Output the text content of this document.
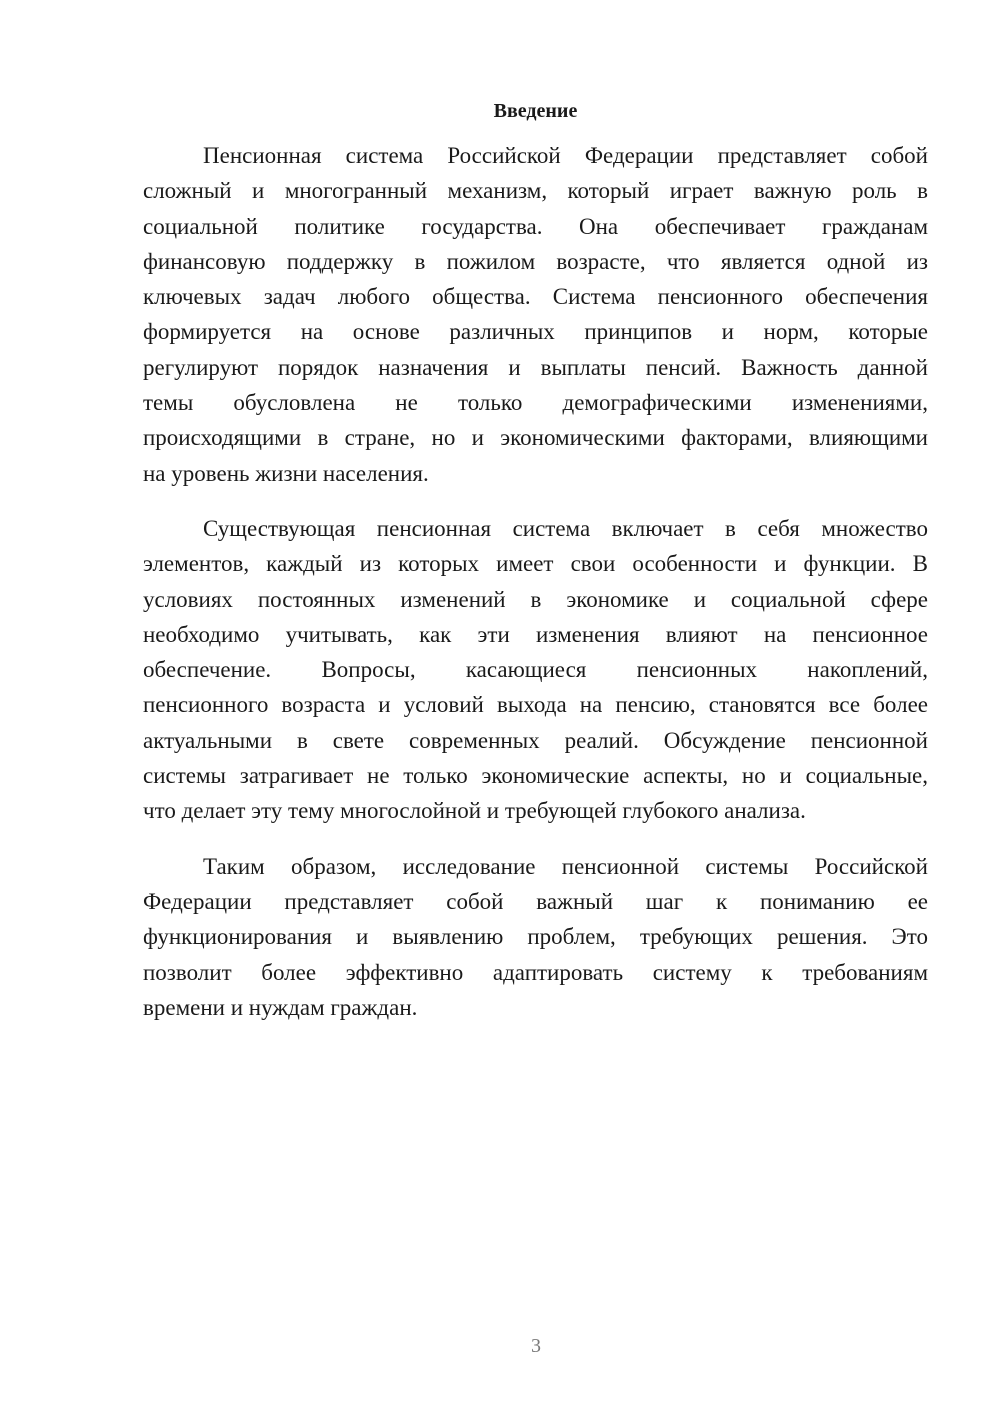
Введение

Пенсионная система Российской Федерации представляет собой
сложный и многогранный механизм, который играет важную роль в
социальной политике государства. Она обеспечивает гражданам
финансовую поддержку в пожилом возрасте, что является одной из
ключевых задач любого общества. Система пенсионного обеспечения
формируется на основе различных принципов и норм, которые
регулируют порядок назначения и выплаты пенсий. Важность данной
темы обусловлена не только демографическими изменениями,
происходящими в стране, но и экономическими факторами, влияющими
на уровень жизни населения.

Существующая пенсионная система включает в себя множество
элементов, каждый из которых имеет свои особенности и функции. В
условиях постоянных изменений в экономике и социальной сфере
необходимо учитывать, как эти изменения влияют на пенсионное
обеспечение. Вопросы, касающиеся пенсионных накоплений,
пенсионного возраста и условий выхода на пенсию, становятся все более
актуальными в свете современных реалий. Обсуждение пенсионной
системы затрагивает не только экономические аспекты, но и социальные,
что делает эту тему многослойной и требующей глубокого анализа.

Таким образом, исследование пенсионной системы Российской
Федерации представляет собой важный шаг к пониманию ее
функционирования и выявлению проблем, требующих решения. Это
позволит более эффективно адаптировать систему к требованиям
времени и нуждам граждан.

3
